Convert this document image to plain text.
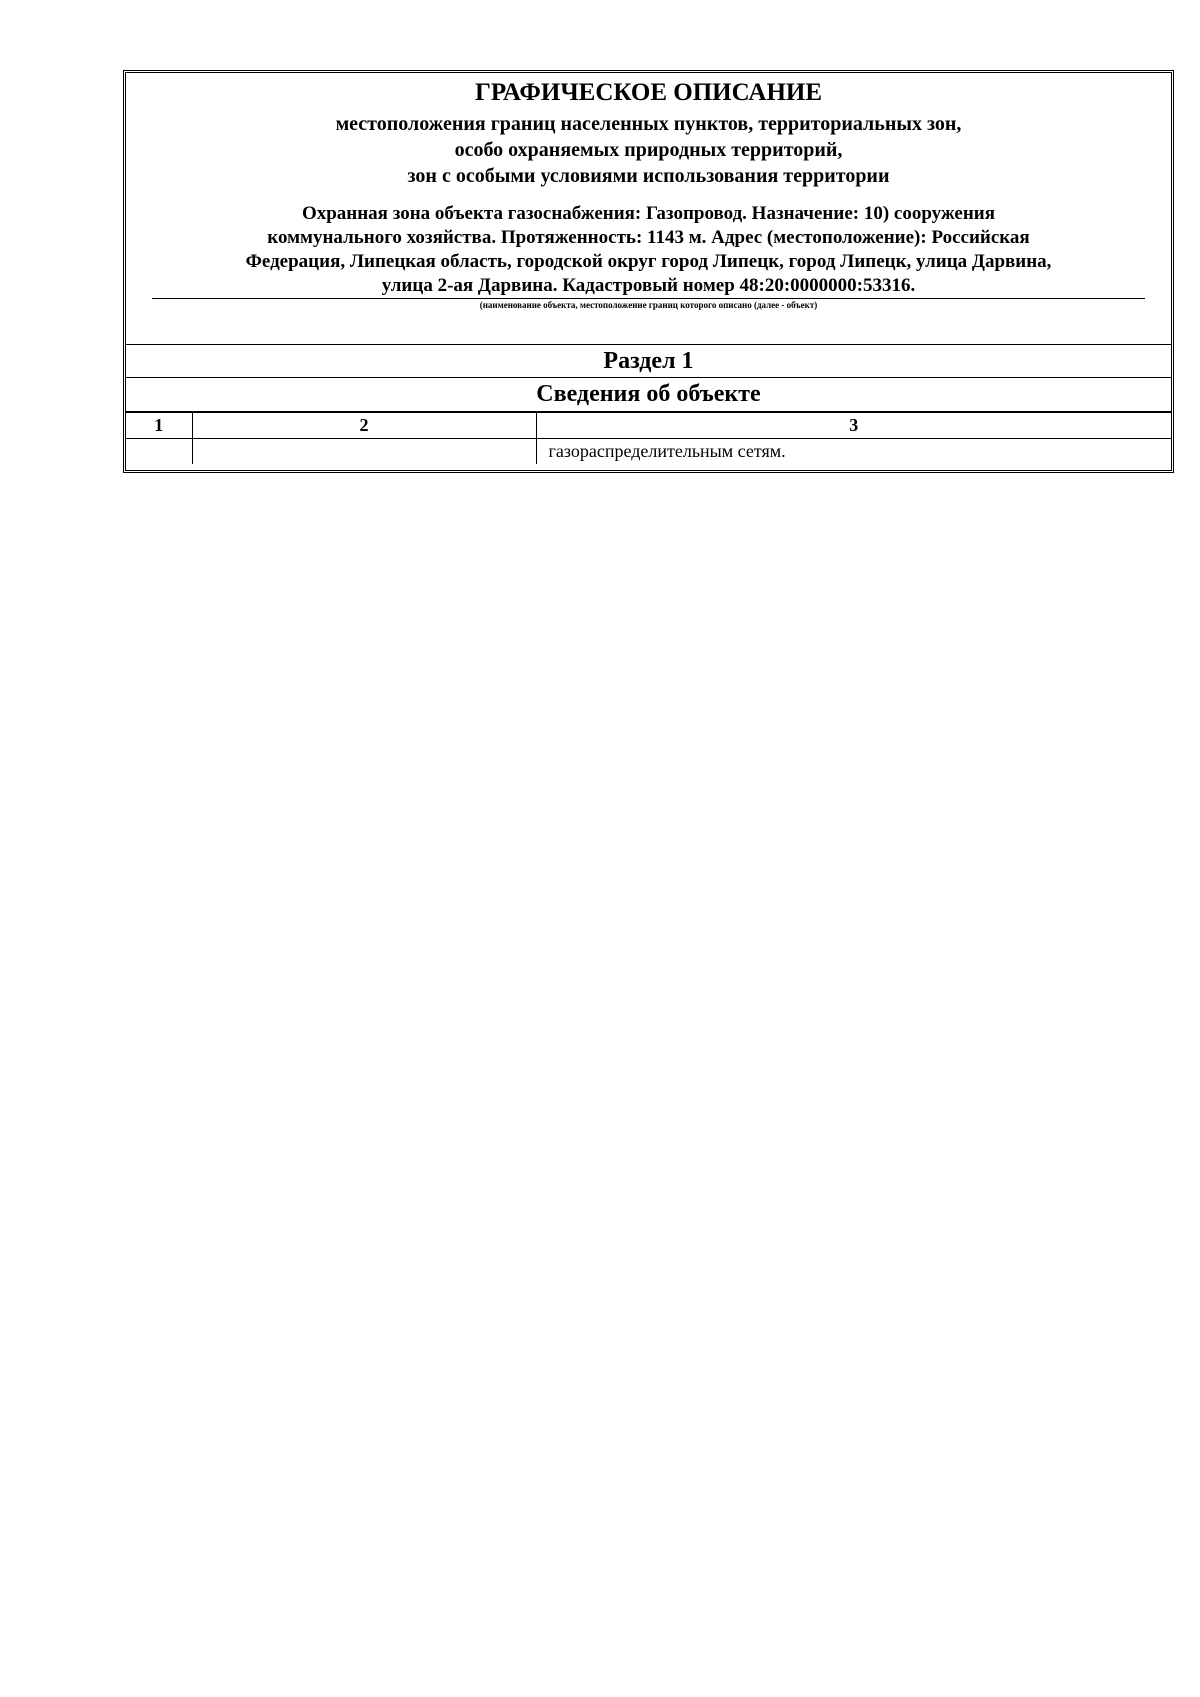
ГРАФИЧЕСКОЕ ОПИСАНИЕ

местоположения границ населенных пунктов, территориальных зон,

особо охраняемых природных территорий,

зон с особыми условиями использования территории

Охранная зона объекта газоснабжения: Газопровод. Назначение: 10) сооружения
коммунального хозяйства. Протяженность: 1143 м. Адрес (местоположение): Российская
Федерация, Липецкая область, городской округ город Липецк, город Липецк, улица Дарвина,
улица 2-ая Дарвина. Кадастровый номер 48:20:0000000:53316.

(наименование объекта, местоположение границ которого описано (далее - объект)

Раздел 1
Сведения об объекте
1	2	3
		газораспределительным сетям.
